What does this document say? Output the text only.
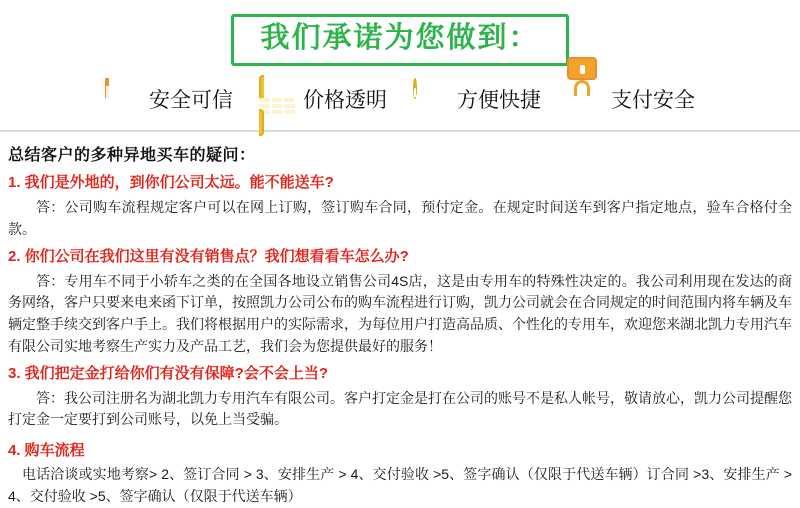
我们承诺为您做到：
安全可信	价格透明	方便快捷	支付安全
总结客户的多种异地买车的疑问：
1. 我们是外地的，到你们公司太远。能不能送车?
答：公司购车流程规定客户可以在网上订购，签订购车合同，预付定金。在规定时间送车到客户指定地点，验车合格付全款。
2. 你们公司在我们这里有没有销售点？我们想看看车怎么办?
答：专用车不同于小轿车之类的在全国各地设立销售公司4S店，这是由专用车的特殊性决定的。我公司利用现在发达的商务网络，客户只要来电来函下订单，按照凯力公司公布的购车流程进行订购，凯力公司就会在合同规定的时间范围内将车辆及车辆定整手续交到客户手上。我们将根据用户的实际需求，为每位用户打造高品质、个性化的专用车，欢迎您来湖北凯力专用汽车有限公司实地考察生产实力及产品工艺，我们会为您提供最好的服务！
3. 我们把定金打给你们有没有保障?会不会上当?
答：我公司注册名为湖北凯力专用汽车有限公司。客户打定金是打在公司的账号不是私人帐号，敬请放心，凯力公司提醒您打定金一定要打到公司账号，以免上当受骗。
4. 购车流程
电话洽谈或实地考察> 2、签订合同 > 3、安排生产 > 4、交付验收 >5、签字确认（仅限于代送车辆）订合同 >3、安排生产 > 4、交付验收 >5、签字确认（仅限于代送车辆）
